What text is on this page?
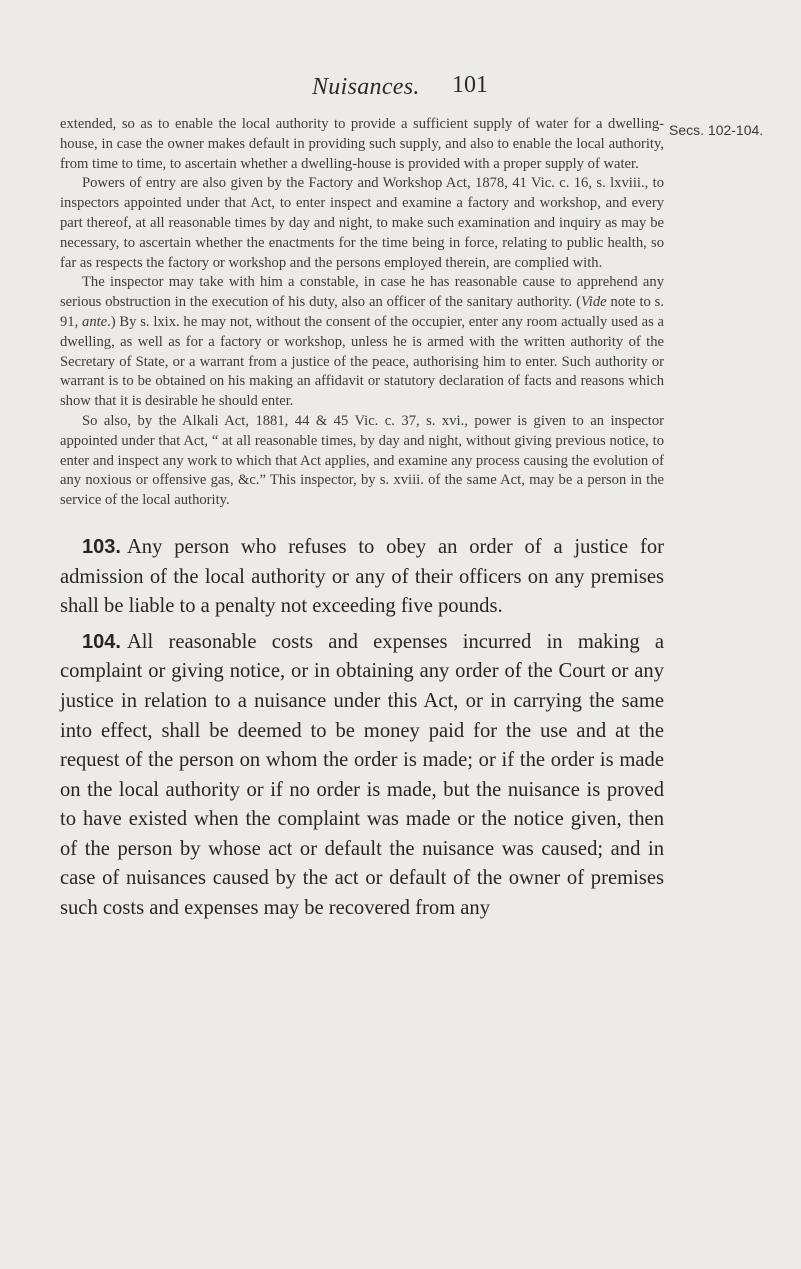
Nuisances. 101
Secs. 102-104.

extended, so as to enable the local authority to provide a sufficient supply of water for a dwelling-house, in case the owner makes default in providing such supply, and also to enable the local authority, from time to time, to ascertain whether a dwelling-house is provided with a proper supply of water.

Powers of entry are also given by the Factory and Workshop Act, 1878, 41 Vic. c. 16, s. lxviii., to inspectors appointed under that Act, to enter inspect and examine a factory and workshop, and every part thereof, at all reasonable times by day and night, to make such examination and inquiry as may be necessary, to ascertain whether the enactments for the time being in force, relating to public health, so far as respects the factory or workshop and the persons employed therein, are complied with.

The inspector may take with him a constable, in case he has reasonable cause to apprehend any serious obstruction in the execution of his duty, also an officer of the sanitary authority. (Vide note to s. 91, ante.) By s. lxix. he may not, without the consent of the occupier, enter any room actually used as a dwelling, as well as for a factory or workshop, unless he is armed with the written authority of the Secretary of State, or a warrant from a justice of the peace, authorising him to enter. Such authority or warrant is to be obtained on his making an affidavit or statutory declaration of facts and reasons which show that it is desirable he should enter.

So also, by the Alkali Act, 1881, 44 & 45 Vic. c. 37, s. xvi., power is given to an inspector appointed under that Act, “ at all reasonable times, by day and night, without giving previous notice, to enter and inspect any work to which that Act applies, and examine any process causing the evolution of any noxious or offensive gas, &c.” This inspector, by s. xviii. of the same Act, may be a person in the service of the local authority.

103. Any person who refuses to obey an order of a justice for admission of the local authority or any of their officers on any premises shall be liable to a penalty not exceeding five pounds.

104. All reasonable costs and expenses incurred in making a complaint or giving notice, or in obtaining any order of the Court or any justice in relation to a nuisance under this Act, or in carrying the same into effect, shall be deemed to be money paid for the use and at the request of the person on whom the order is made; or if the order is made on the local authority or if no order is made, but the nuisance is proved to have existed when the complaint was made or the notice given, then of the person by whose act or default the nuisance was caused; and in case of nuisances caused by the act or default of the owner of premises such costs and expenses may be recovered from any
